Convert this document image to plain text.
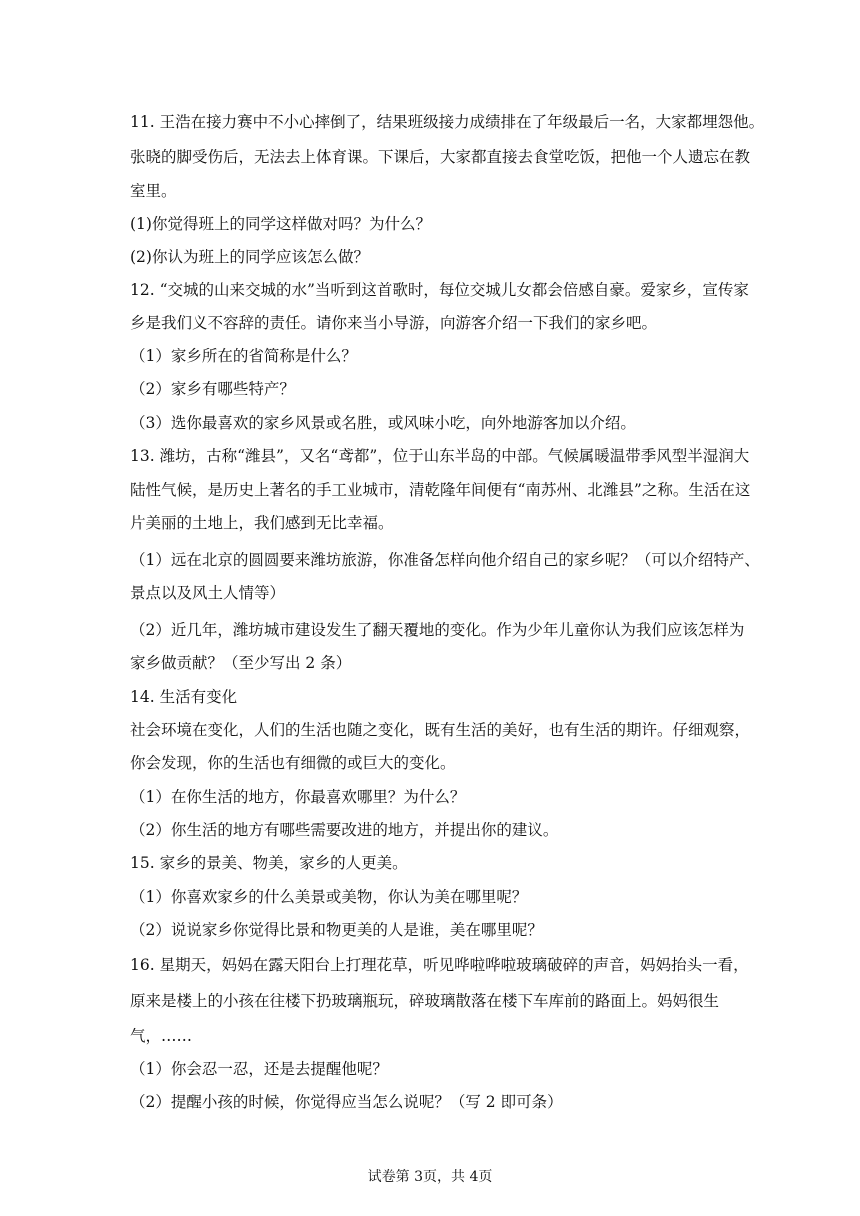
11. 王浩在接力赛中不小心摔倒了，结果班级接力成绩排在了年级最后一名，大家都埋怨他。
张晓的脚受伤后，无法去上体育课。下课后，大家都直接去食堂吃饭，把他一个人遗忘在教
室里。
(1)你觉得班上的同学这样做对吗？为什么？
(2)你认为班上的同学应该怎么做？
12. “交城的山来交城的水”当听到这首歌时，每位交城儿女都会倍感自豪。爱家乡，宣传家
乡是我们义不容辞的责任。请你来当小导游，向游客介绍一下我们的家乡吧。
（1）家乡所在的省简称是什么？
（2）家乡有哪些特产？
（3）选你最喜欢的家乡风景或名胜，或风味小吃，向外地游客加以介绍。
13. 潍坊，古称“潍县”，又名“鸢都”，位于山东半岛的中部。气候属暖温带季风型半湿润大
陆性气候，是历史上著名的手工业城市，清乾隆年间便有“南苏州、北潍县”之称。生活在这
片美丽的土地上，我们感到无比幸福。
（1）远在北京的圆圆要来潍坊旅游，你准备怎样向他介绍自己的家乡呢？（可以介绍特产、
景点以及风土人情等）
（2）近几年，潍坊城市建设发生了翻天覆地的变化。作为少年儿童你认为我们应该怎样为
家乡做贡献？（至少写出 2 条）
14. 生活有变化
社会环境在变化，人们的生活也随之变化，既有生活的美好，也有生活的期许。仔细观察，
你会发现，你的生活也有细微的或巨大的变化。
（1）在你生活的地方，你最喜欢哪里？为什么？
（2）你生活的地方有哪些需要改进的地方，并提出你的建议。
15. 家乡的景美、物美，家乡的人更美。
（1）你喜欢家乡的什么美景或美物，你认为美在哪里呢？
（2）说说家乡你觉得比景和物更美的人是谁，美在哪里呢？
16. 星期天，妈妈在露天阳台上打理花草，听见哗啦哗啦玻璃破碎的声音，妈妈抬头一看，
原来是楼上的小孩在往楼下扔玻璃瓶玩，碎玻璃散落在楼下车库前的路面上。妈妈很生
气，……
（1）你会忍一忍，还是去提醒他呢？
（2）提醒小孩的时候，你觉得应当怎么说呢？（写 2 即可条）
试卷第 3页，共 4页
